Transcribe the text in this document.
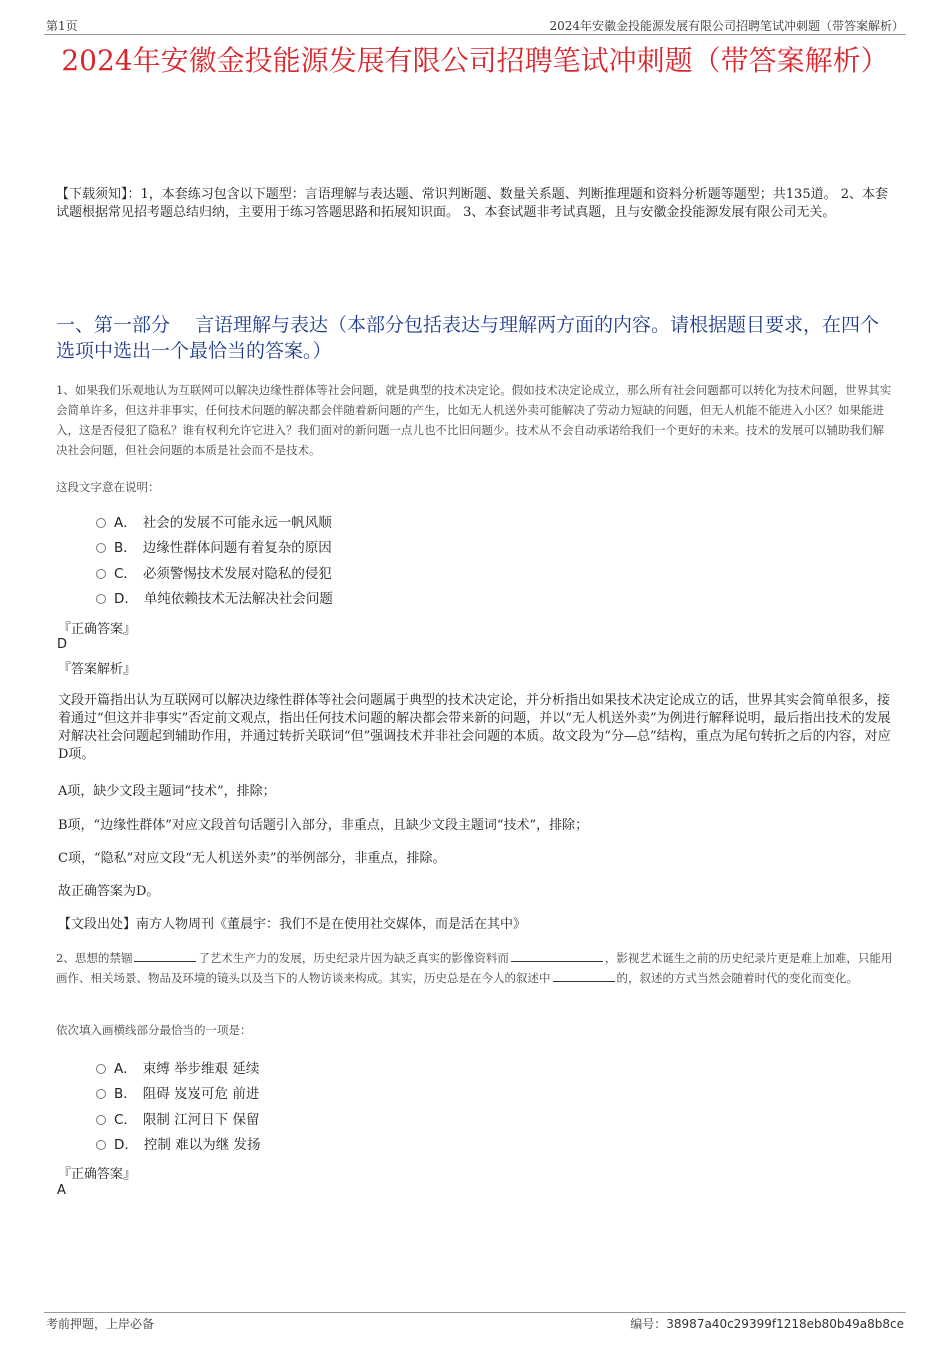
第1页	2024年安徽金投能源发展有限公司招聘笔试冲刺题（带答案解析）
2024年安徽金投能源发展有限公司招聘笔试冲刺题（带答案解析）
【下载须知】：1，本套练习包含以下题型：言语理解与表达题、常识判断题、数量关系题、判断推理题和资料分析题等题型；共135道。 2、本套试题根据常见招考题总结归纳，主要用于练习答题思路和拓展知识面。 3、本套试题非考试真题，且与安徽金投能源发展有限公司无关。
一、第一部分　 言语理解与表达（本部分包括表达与理解两方面的内容。请根据题目要求，在四个选项中选出一个最恰当的答案。）
1、如果我们乐观地认为互联网可以解决边缘性群体等社会问题，就是典型的技术决定论。假如技术决定论成立，那么所有社会问题都可以转化为技术问题，世界其实会简单许多，但这并非事实，任何技术问题的解决都会伴随着新问题的产生，比如无人机送外卖可能解决了劳动力短缺的问题，但无人机能不能进入小区？如果能进入，这是否侵犯了隐私？谁有权利允许它进入？我们面对的新问题一点儿也不比旧问题少。技术从不会自动承诺给我们一个更好的未来。技术的发展可以辅助我们解决社会问题，但社会问题的本质是社会而不是技术。
这段文字意在说明：
A． 社会的发展不可能永远一帆风顺
B． 边缘性群体问题有着复杂的原因
C． 必须警惕技术发展对隐私的侵犯
D． 单纯依赖技术无法解决社会问题
『正确答案』
D
『答案解析』
文段开篇指出认为互联网可以解决边缘性群体等社会问题属于典型的技术决定论，并分析指出如果技术决定论成立的话，世界其实会简单很多，接着通过“但这并非事实”否定前文观点，指出任何技术问题的解决都会带来新的问题，并以“无人机送外卖”为例进行解释说明，最后指出技术的发展对解决社会问题起到辅助作用，并通过转折关联词“但”强调技术并非社会问题的本质。故文段为“分—总”结构，重点为尾句转折之后的内容，对应D项。
A项，缺少文段主题词“技术”，排除；
B项，“边缘性群体”对应文段首句话题引入部分，非重点，且缺少文段主题词“技术”，排除；
C项，“隐私”对应文段“无人机送外卖”的举例部分，非重点，排除。
故正确答案为D。
【文段出处】南方人物周刊《董晨宇：我们不是在使用社交媒体，而是活在其中》
2、思想的禁锢	了艺术生产力的发展，历史纪录片因为缺乏真实的影像资料而	，影视艺术诞生之前的历史纪录片更是难上加难，只能用画作、相关场景、物品及环境的镜头以及当下的人物访谈来构成。其实，历史总是在今人的叙述中	的，叙述的方式当然会随着时代的变化而变化。
依次填入画横线部分最恰当的一项是：
A． 束缚 举步维艰 延续
B． 阻碍 岌岌可危 前进
C． 限制 江河日下 保留
D． 控制 难以为继 发扬
『正确答案』
A
考前押题，上岸必备	编号：38987a40c29399f1218eb80b49a8b8ce
